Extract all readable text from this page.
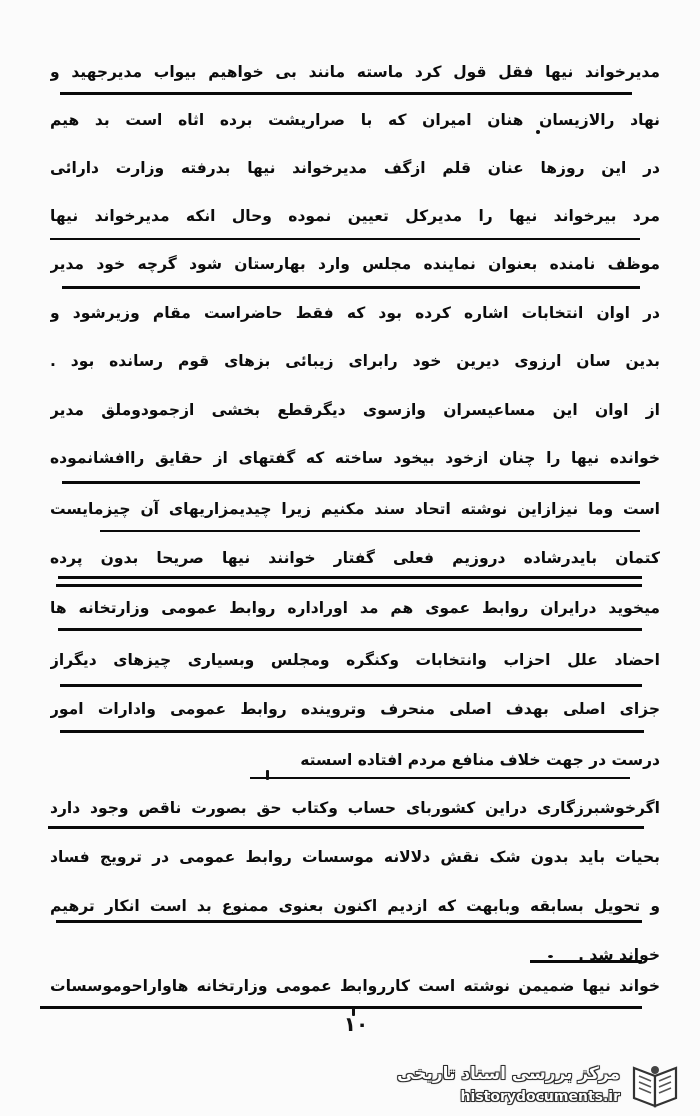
مدیرخواند نیها فقل قول کرد ماسته مانند بی خواهیم بیواب مدیرجهید و
نهاد رالازیسان هنان امیران که با صراریشت برده اثاه است بد هیم
در این روزها عنان قلم ازگف مدیرخواند نیها بدرفته وزارت دارائی
مرد بیرخواند نیها را مدیرکل تعیین نموده وحال انکه مدیرخواند نیها
موظف نامنده بعنوان نماینده مجلس وارد بهارستان شود گرچه خود مدیر
در اوان انتخابات اشاره کرده بود که فقط حاضراست مقام وزیرشود و
بدین سان ارزوی دیرین خود رابرای زیبائی بزهای قوم رسانده بود .
از اوان این مساعیسران وازسوی دیگرقطع بخشی ازجمودوملق مدیر
خوانده نیها را چنان ازخود بیخود ساخته که گفتهای از حقایق راافشانموده
است وما نیزازاین نوشته اتحاد سند مکنیم زیرا چیدیمزاریهای آن چیزمایست
کتمان بایدرشاده دروزیم فعلی گفتار خوانند نیها صریحا بدون پرده
میخوید درایران روابط عموی هم مد اوراداره روابط عمومی وزارتخانه ها
احضاد علل احزاب وانتخابات وکنگره ومجلس وبسیاری چیزهای دیگراز
جزای اصلی بهدف اصلی منحرف وتروینده روابط عمومی وادارات امور
درست در جهت خلاف منافع مردم افتاده اسسته
اگرخوشبرزگاری دراین کشوربای حساب وکتاب حق بصورت ناقص وجود دارد
بحیات باید بدون شک نقش دلالانه موسسات روابط عمومی در ترویج فساد
و تحویل بسابقه وبابهت که ازدیم اکنون بعنوی ممنوع بد است انکار ترهیم
خواند شد .
خواند نیها ضمیمن نوشته است کارروابط عمومی وزارتخانه هاواراحوموسسات
۱۰
مرکز بررسی اسناد تاریخی
historydocuments.ir
